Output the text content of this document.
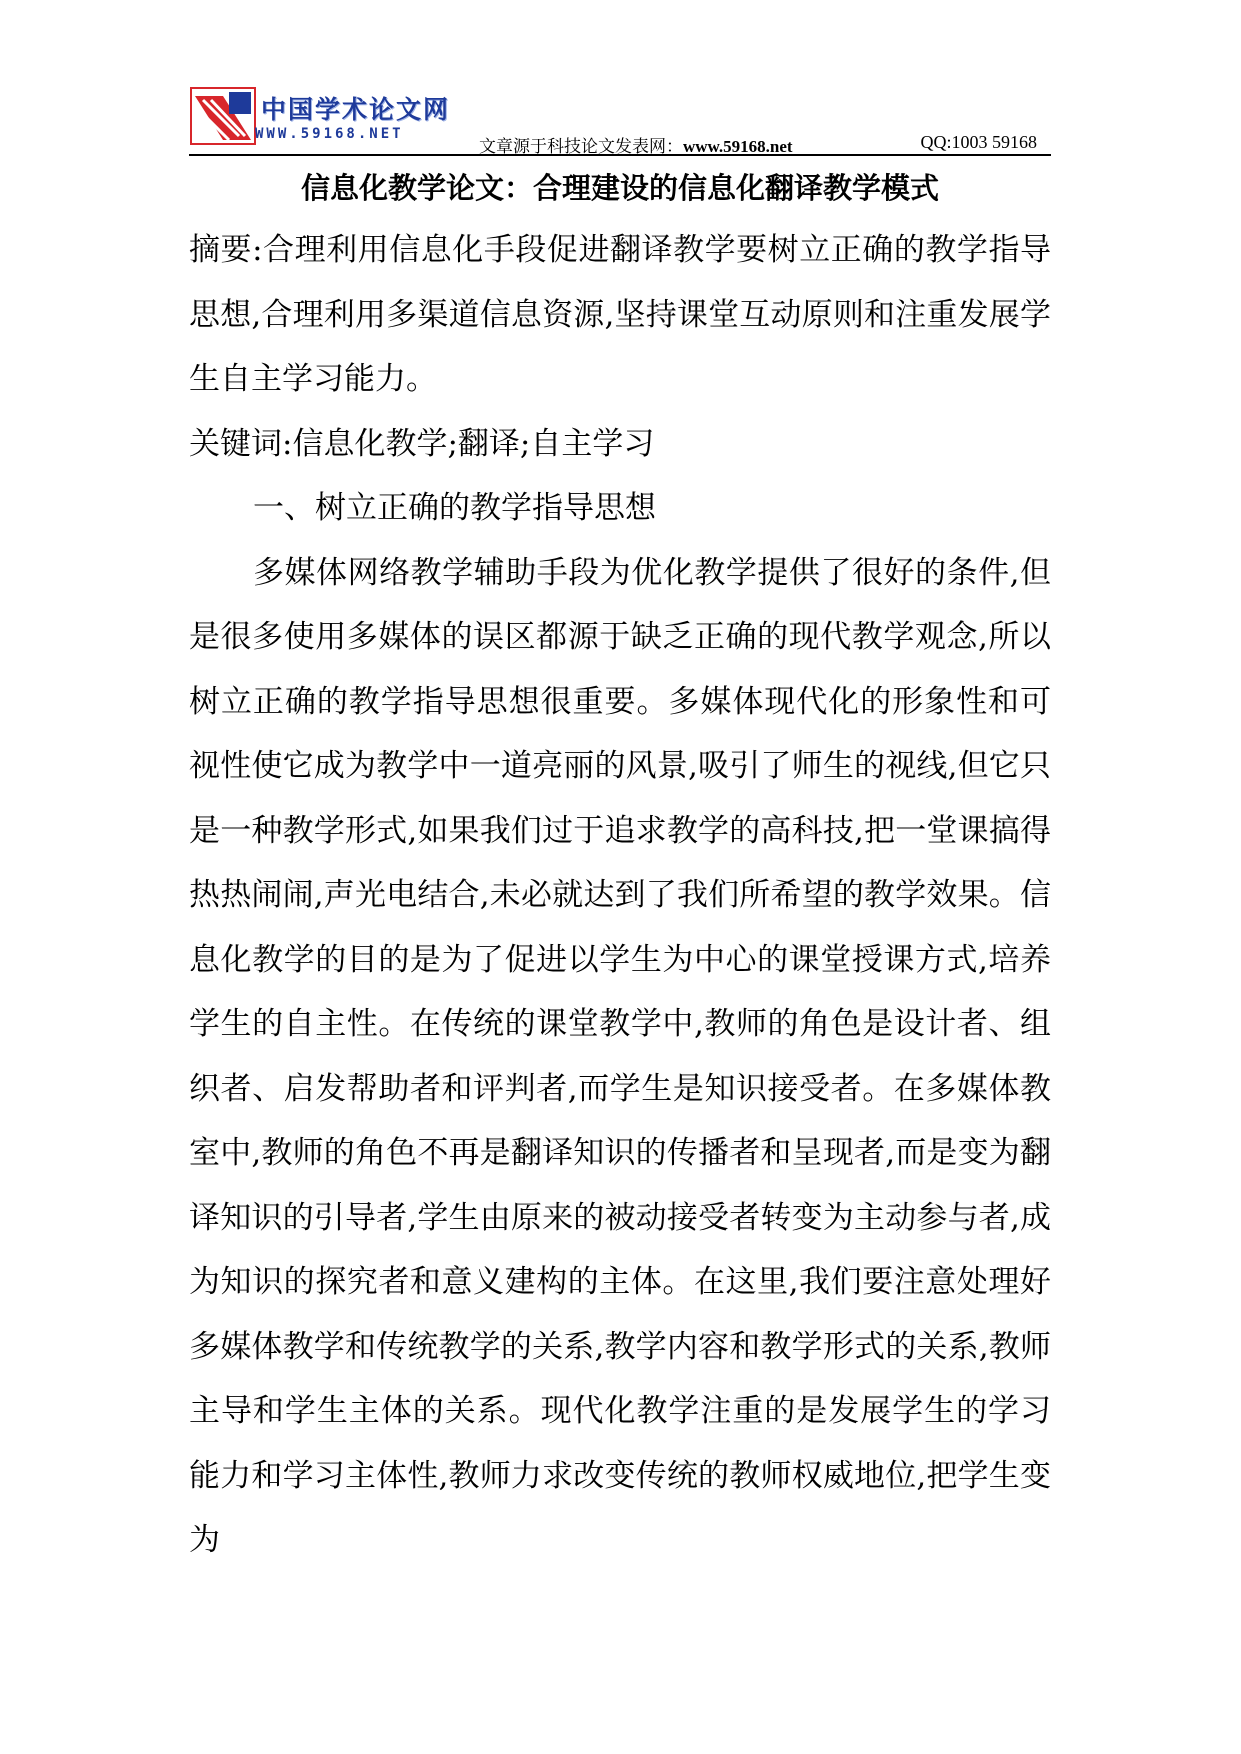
中国学术论文网
WWW.59168.NET
文章源于科技论文发表网：www.59168.net	QQ:1003 59168
信息化教学论文：合理建设的信息化翻译教学模式

摘要:合理利用信息化手段促进翻译教学要树立正确的教学指导思想,合理利用多渠道信息资源,坚持课堂互动原则和注重发展学生自主学习能力。

关键词:信息化教学;翻译;自主学习

一、树立正确的教学指导思想

多媒体网络教学辅助手段为优化教学提供了很好的条件,但是很多使用多媒体的误区都源于缺乏正确的现代教学观念,所以树立正确的教学指导思想很重要。多媒体现代化的形象性和可视性使它成为教学中一道亮丽的风景,吸引了师生的视线,但它只是一种教学形式,如果我们过于追求教学的高科技,把一堂课搞得热热闹闹,声光电结合,未必就达到了我们所希望的教学效果。信息化教学的目的是为了促进以学生为中心的课堂授课方式,培养学生的自主性。在传统的课堂教学中,教师的角色是设计者、组织者、启发帮助者和评判者,而学生是知识接受者。在多媒体教室中,教师的角色不再是翻译知识的传播者和呈现者,而是变为翻译知识的引导者,学生由原来的被动接受者转变为主动参与者,成为知识的探究者和意义建构的主体。在这里,我们要注意处理好多媒体教学和传统教学的关系,教学内容和教学形式的关系,教师主导和学生主体的关系。现代化教学注重的是发展学生的学习能力和学习主体性,教师力求改变传统的教师权威地位,把学生变为
